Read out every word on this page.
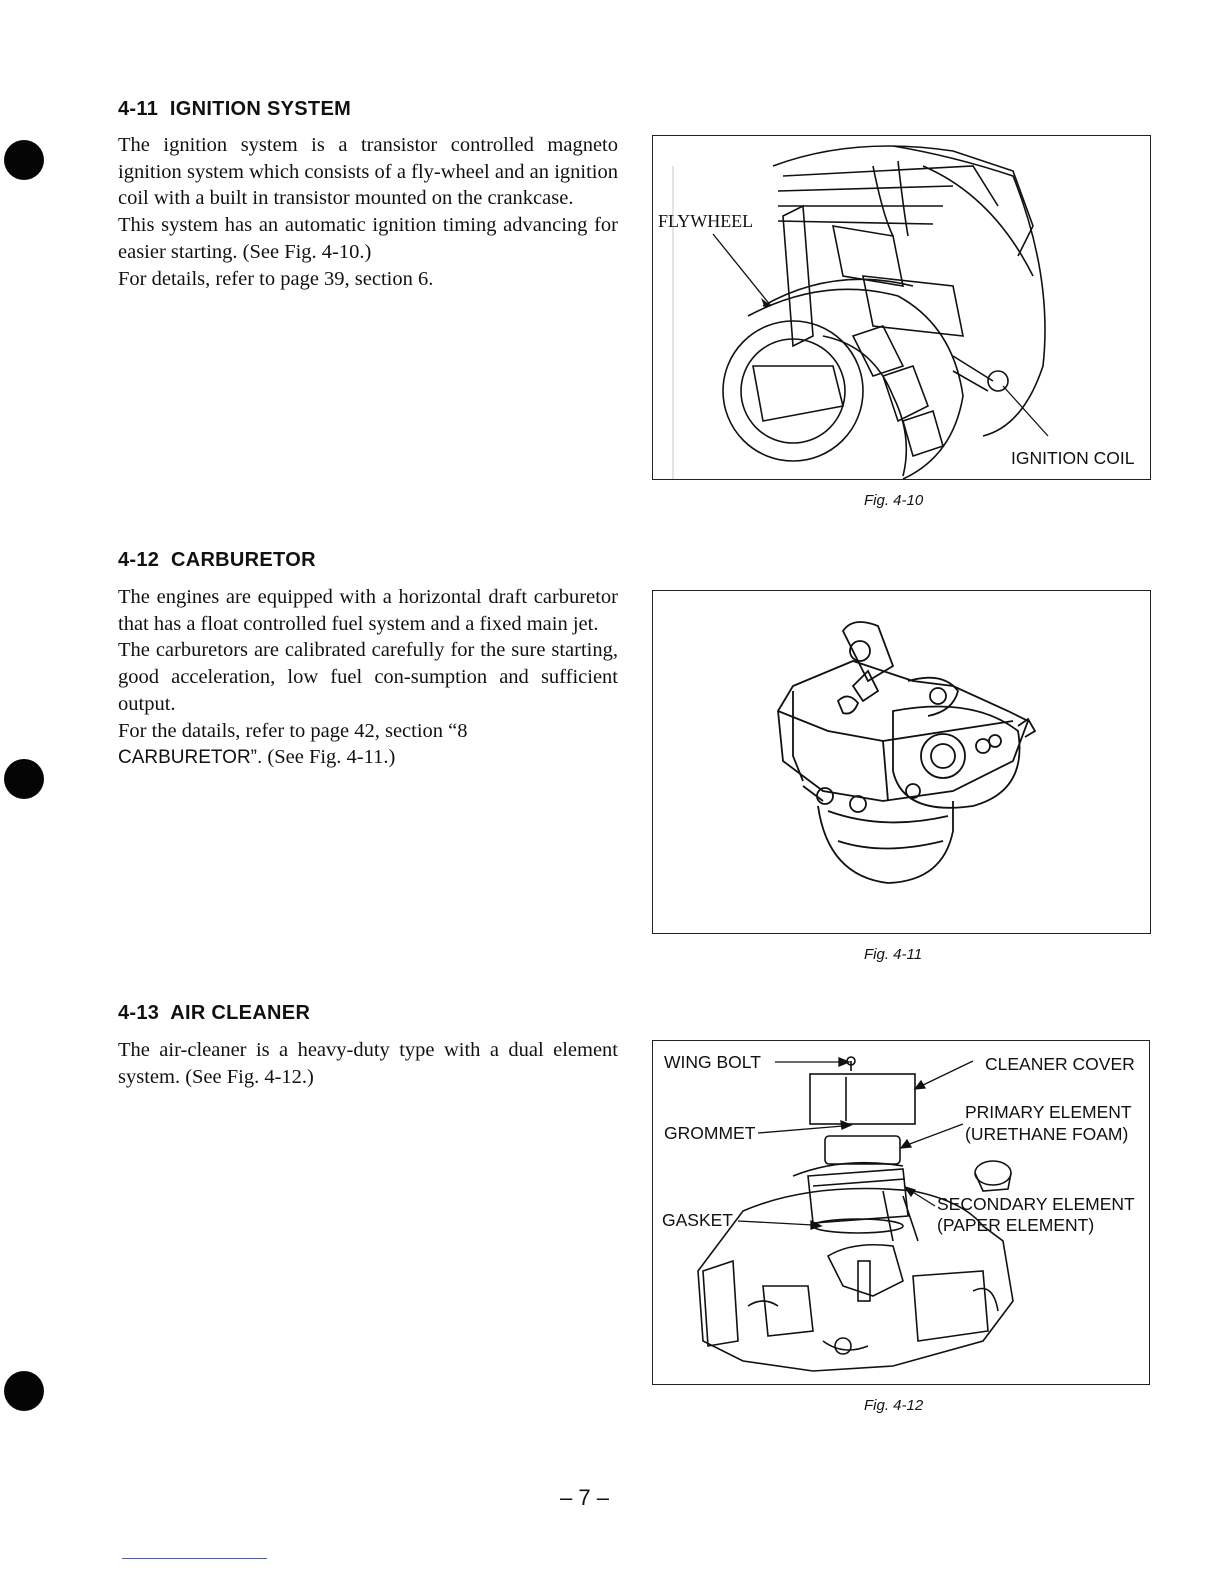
4-11 IGNITION SYSTEM

The ignition system is a transistor controlled magneto ignition system which consists of a fly-wheel and an ignition coil with a built in transistor mounted on the crankcase.

This system has an automatic ignition timing advancing for easier starting. (See Fig. 4-10.)

For details, refer to page 39, section 6.

FLYWHEEL
IGNITION COIL
Fig. 4-10
4-12 CARBURETOR

The engines are equipped with a horizontal draft carburetor that has a float controlled fuel system and a fixed main jet.

The carburetors are calibrated carefully for the sure starting, good acceleration, low fuel con-sumption and sufficient output.

For the datails, refer to page 42, section “8

CARBURETOR”. (See Fig. 4-11.)

Fig. 4-11
4-13 AIR CLEANER

The air-cleaner is a heavy-duty type with a dual element system. (See Fig. 4-12.)

WING BOLT	CLEANER COVER
GROMMET
PRIMARY ELEMENT
(URETHANE FOAM)
GASKET
SECONDARY ELEMENT
(PAPER ELEMENT)
Fig. 4-12
– 7 –
